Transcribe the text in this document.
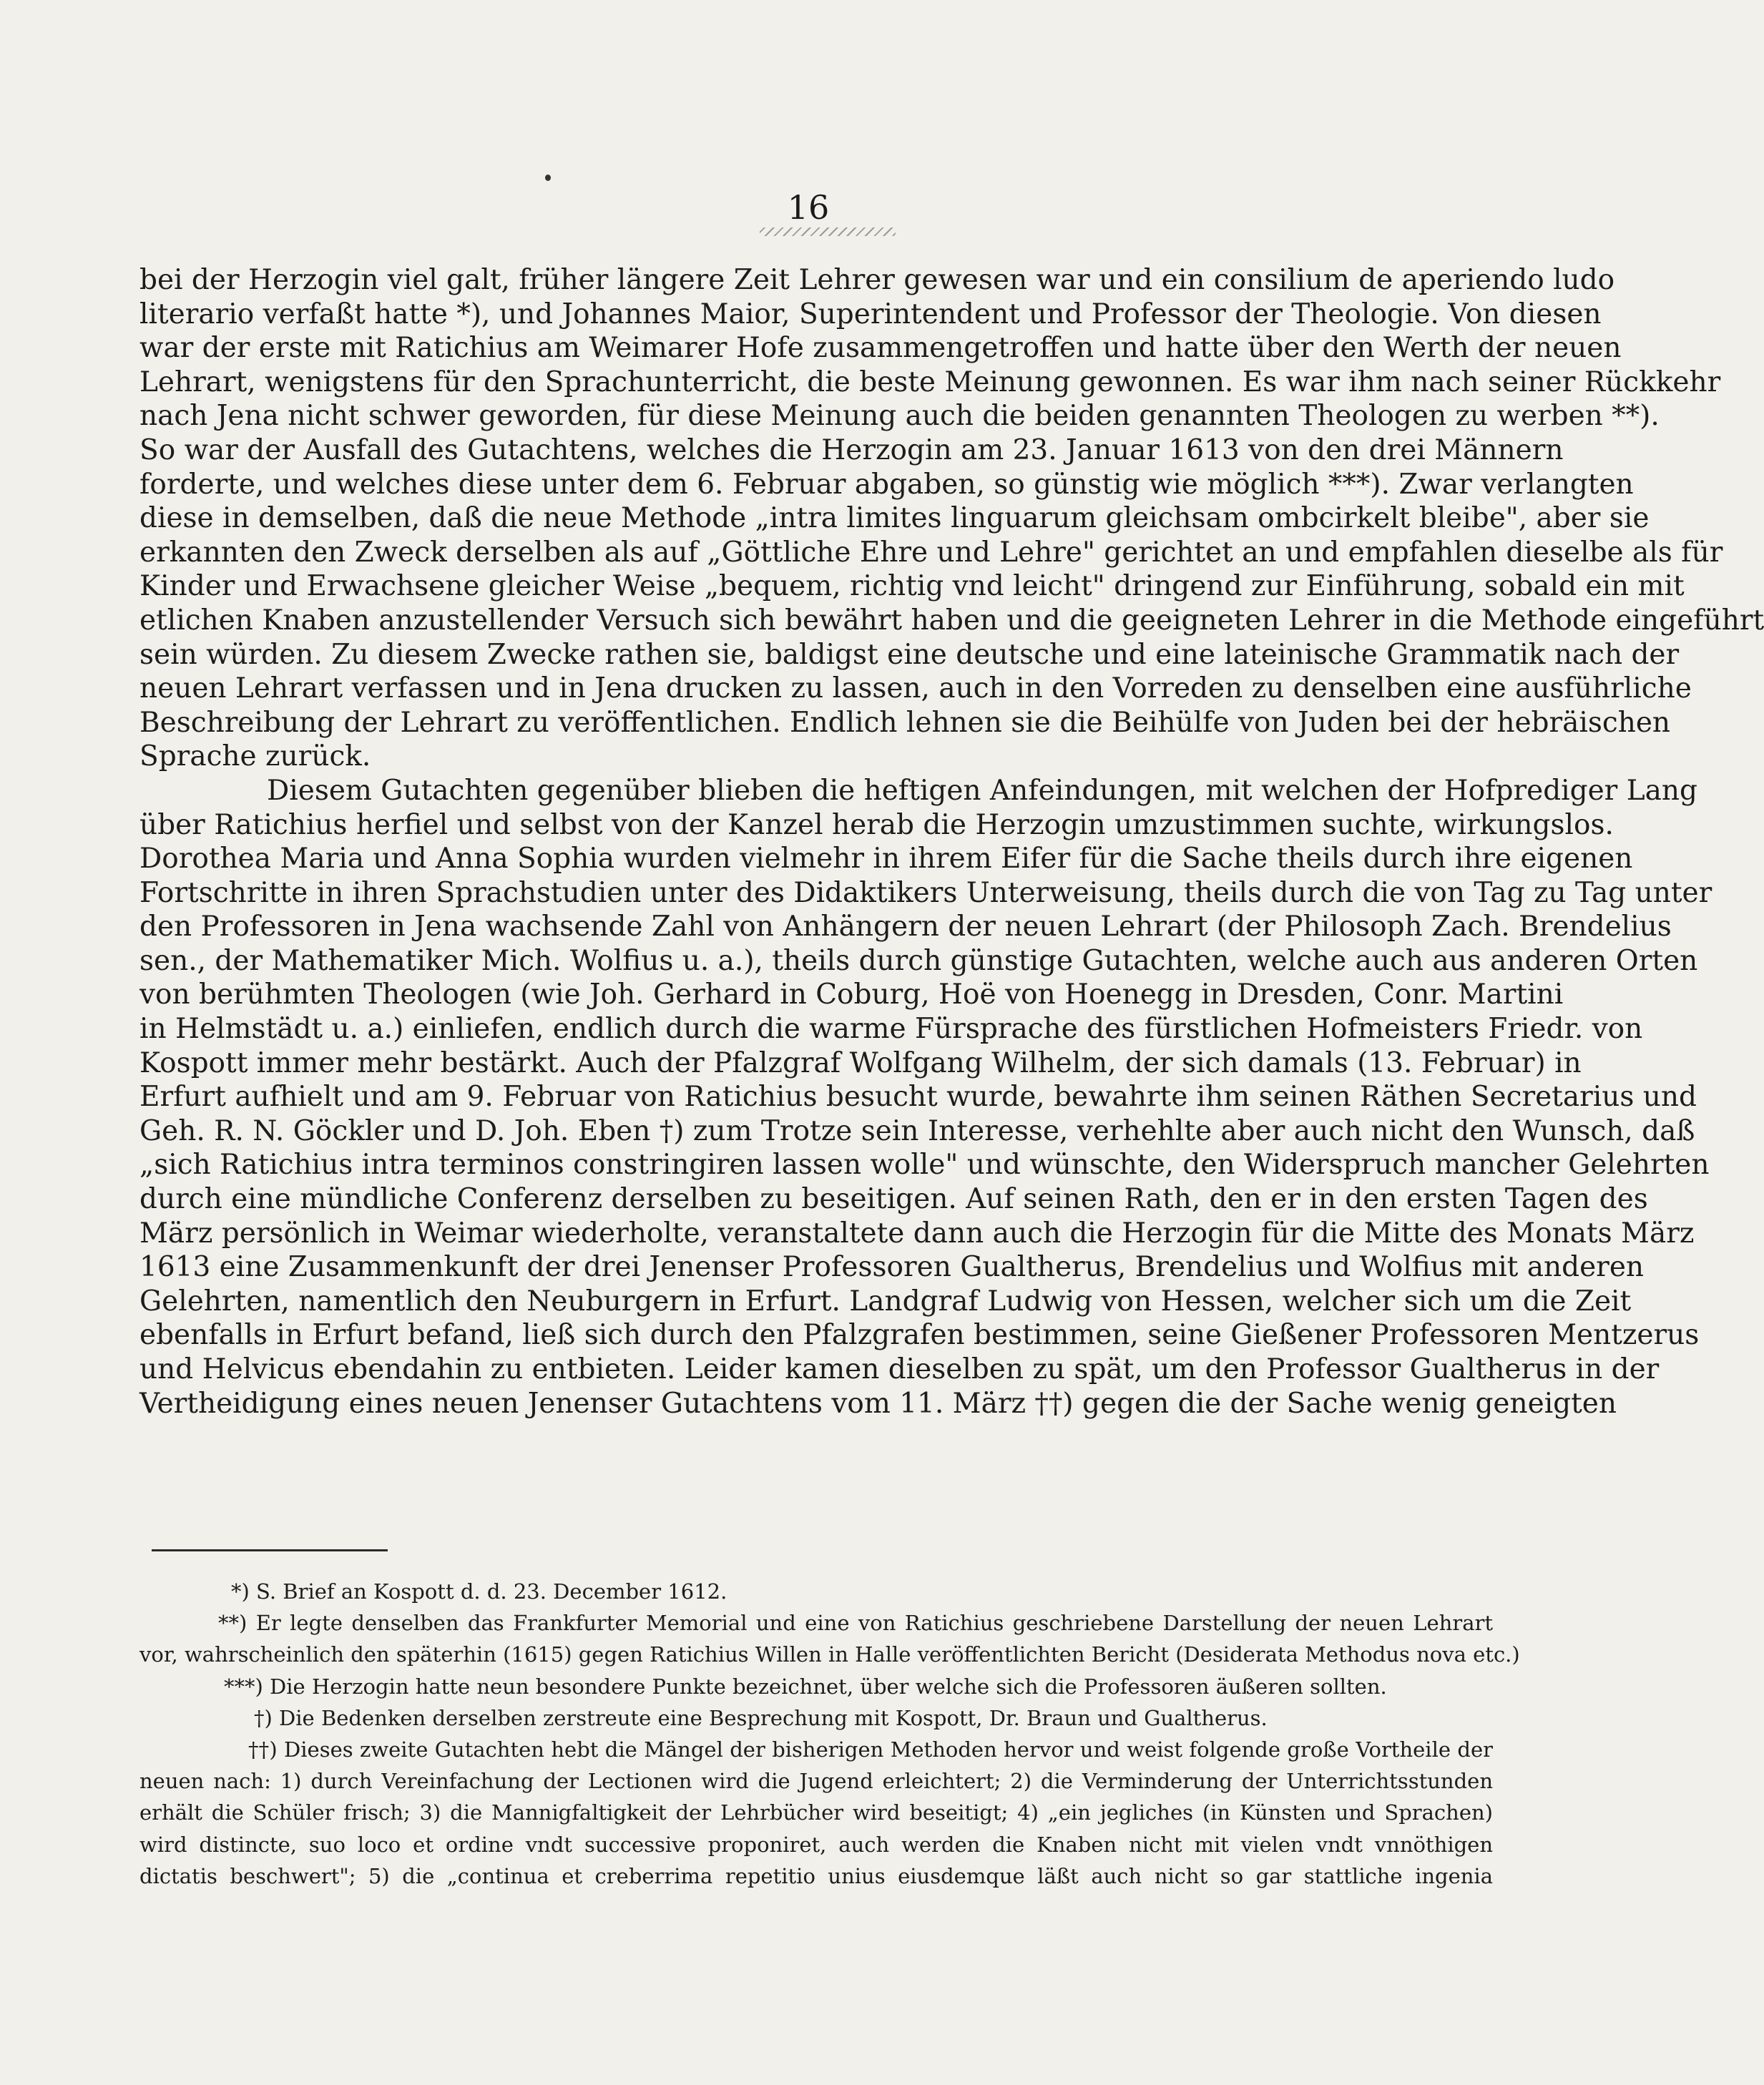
16
bei der Herzogin viel galt, früher längere Zeit Lehrer gewesen war und ein consilium de aperiendo ludo
literario verfaßt hatte *), und Johannes Maior, Superintendent und Professor der Theologie. Von diesen
war der erste mit Ratichius am Weimarer Hofe zusammengetroffen und hatte über den Werth der neuen
Lehrart, wenigstens für den Sprachunterricht, die beste Meinung gewonnen. Es war ihm nach seiner Rückkehr
nach Jena nicht schwer geworden, für diese Meinung auch die beiden genannten Theologen zu werben **).
So war der Ausfall des Gutachtens, welches die Herzogin am 23. Januar 1613 von den drei Männern
forderte, und welches diese unter dem 6. Februar abgaben, so günstig wie möglich ***). Zwar verlangten
diese in demselben, daß die neue Methode „intra limites linguarum gleichsam ombcirkelt bleibe", aber sie
erkannten den Zweck derselben als auf „Göttliche Ehre und Lehre" gerichtet an und empfahlen dieselbe als für
Kinder und Erwachsene gleicher Weise „bequem, richtig vnd leicht" dringend zur Einführung, sobald ein mit
etlichen Knaben anzustellender Versuch sich bewährt haben und die geeigneten Lehrer in die Methode eingeführt
sein würden. Zu diesem Zwecke rathen sie, baldigst eine deutsche und eine lateinische Grammatik nach der
neuen Lehrart verfassen und in Jena drucken zu lassen, auch in den Vorreden zu denselben eine ausführliche
Beschreibung der Lehrart zu veröffentlichen. Endlich lehnen sie die Beihülfe von Juden bei der hebräischen
Sprache zurück.
Diesem Gutachten gegenüber blieben die heftigen Anfeindungen, mit welchen der Hofprediger Lang
über Ratichius herfiel und selbst von der Kanzel herab die Herzogin umzustimmen suchte, wirkungslos.
Dorothea Maria und Anna Sophia wurden vielmehr in ihrem Eifer für die Sache theils durch ihre eigenen
Fortschritte in ihren Sprachstudien unter des Didaktikers Unterweisung, theils durch die von Tag zu Tag unter
den Professoren in Jena wachsende Zahl von Anhängern der neuen Lehrart (der Philosoph Zach. Brendelius
sen., der Mathematiker Mich. Wolfius u. a.), theils durch günstige Gutachten, welche auch aus anderen Orten
von berühmten Theologen (wie Joh. Gerhard in Coburg, Hoë von Hoenegg in Dresden, Conr. Martini
in Helmstädt u. a.) einliefen, endlich durch die warme Fürsprache des fürstlichen Hofmeisters Friedr. von
Kospott immer mehr bestärkt. Auch der Pfalzgraf Wolfgang Wilhelm, der sich damals (13. Februar) in
Erfurt aufhielt und am 9. Februar von Ratichius besucht wurde, bewahrte ihm seinen Räthen Secretarius und
Geh. R. N. Göckler und D. Joh. Eben †) zum Trotze sein Interesse, verhehlte aber auch nicht den Wunsch, daß
„sich Ratichius intra terminos constringiren lassen wolle" und wünschte, den Widerspruch mancher Gelehrten
durch eine mündliche Conferenz derselben zu beseitigen. Auf seinen Rath, den er in den ersten Tagen des
März persönlich in Weimar wiederholte, veranstaltete dann auch die Herzogin für die Mitte des Monats März
1613 eine Zusammenkunft der drei Jenenser Professoren Gualtherus, Brendelius und Wolfius mit anderen
Gelehrten, namentlich den Neuburgern in Erfurt. Landgraf Ludwig von Hessen, welcher sich um die Zeit
ebenfalls in Erfurt befand, ließ sich durch den Pfalzgrafen bestimmen, seine Gießener Professoren Mentzerus
und Helvicus ebendahin zu entbieten. Leider kamen dieselben zu spät, um den Professor Gualtherus in der
Vertheidigung eines neuen Jenenser Gutachtens vom 11. März ††) gegen die der Sache wenig geneigten
*) S. Brief an Kospott d. d. 23. December 1612.
**) Er legte denselben das Frankfurter Memorial und eine von Ratichius geschriebene Darstellung der neuen Lehrart
vor, wahrscheinlich den späterhin (1615) gegen Ratichius Willen in Halle veröffentlichten Bericht (Desiderata Methodus nova etc.)
***) Die Herzogin hatte neun besondere Punkte bezeichnet, über welche sich die Professoren äußeren sollten.
†) Die Bedenken derselben zerstreute eine Besprechung mit Kospott, Dr. Braun und Gualtherus.
††) Dieses zweite Gutachten hebt die Mängel der bisherigen Methoden hervor und weist folgende große Vortheile der
neuen nach: 1) durch Vereinfachung der Lectionen wird die Jugend erleichtert; 2) die Verminderung der Unterrichtsstunden
erhält die Schüler frisch; 3) die Mannigfaltigkeit der Lehrbücher wird beseitigt; 4) „ein jegliches (in Künsten und Sprachen)
wird distincte, suo loco et ordine vndt successive proponiret, auch werden die Knaben nicht mit vielen vndt vnnöthigen
dictatis beschwert"; 5) die „continua et creberrima repetitio unius eiusdemque läßt auch nicht so gar stattliche ingenia
